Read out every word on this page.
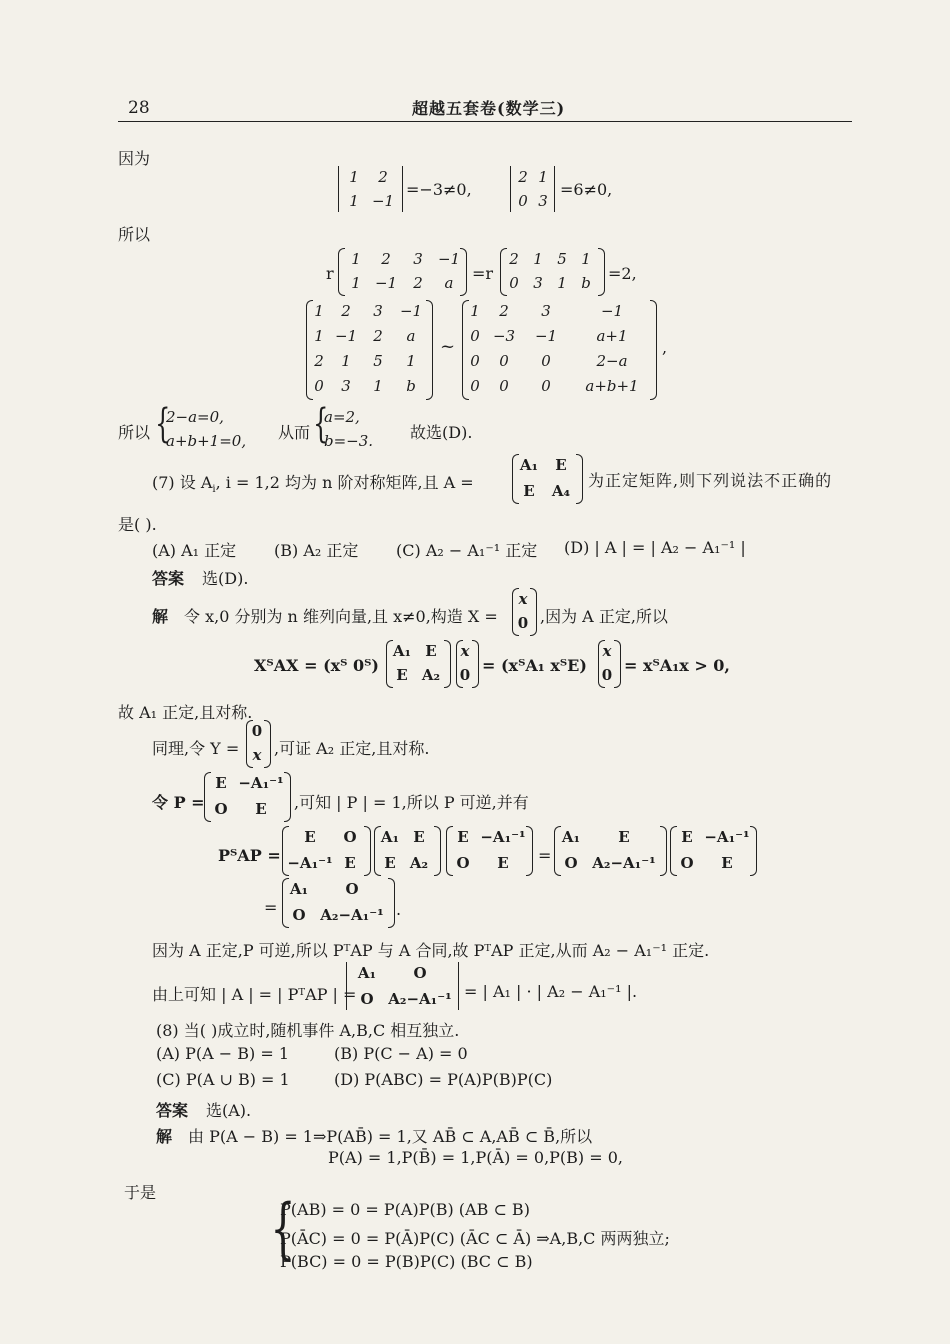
28	超越五套卷(数学三)
因为
1	2
1 −1
=−3≠0,
2 1
0 3
=6≠0,
所以
r
1	2	3	−1
1 −1	2	a	=r
2 1 5 1
0 3 1 b	=2,
1	2	3	−1
1 −1	2	a
2	1	5	1
0	3	1	b
~
1	2	3	−1
0 −3	−1	a+1
0	0	0	2−a
0	0	0	a+b+1
,
所以 {
2−a=0,
a+b+1=0, 从而 {
a=2,
b=−3. 故选(D).
(7) 设 $A_i$, i = 1,2 均为 n 阶对称矩阵,且 A =
A₁	E
E	A₄
为正定矩阵,则下列说法不正确的
是( ).
(A) A₁ 正定 (B) A₂ 正定 (C) A₂ − A₁⁻¹ 正定 (D) | A | = | A₂ − A₁⁻¹ |
答案 选(D).
解 令 x,0 分别为 n 维列向量,且 x≠0,构造 X =
x
0 ,因为 A 正定,所以
XᵀAX = (xᵀ 0ᵀ)
A₁ E
E A₂
x
0 = (xᵀA₁ xᵀE)
x
0 = xᵀA₁x > 0,
故 A₁ 正定,且对称.
同理,令 Y =
0
x ,可证 A₂ 正定,且对称.
令 P =
E −A₁⁻¹
O	E	,可知 | P | = 1,所以 P 可逆,并有
PᵀAP =
E	O
−A₁⁻¹ E
A₁ E
E A₂
E −A₁⁻¹
O	E	=
A₁	E
O A₂−A₁⁻¹
E −A₁⁻¹
O	E
=
A₁	O
O A₂−A₁⁻¹ .
因为 A 正定,P 可逆,所以 PᵀAP 与 A 合同,故 PᵀAP 正定,从而 A₂ − A₁⁻¹ 正定.
由上可知 | A | = | PᵀAP | =
A₁	O
O A₂−A₁⁻¹ = | A₁ | · | A₂ − A₁⁻¹ |.
(8) 当( )成立时,随机事件 A,B,C 相互独立.
(A) P(A − B) = 1	(B) P(C − A) = 0
(C) P(A ∪ B) = 1	(D) P(ABC) = P(A)P(B)P(C)
答案 选(A).
解 由 P(A − B) = 1⇒P(AB̄) = 1,又 AB̄ ⊂ A,AB̄ ⊂ B̄,所以
P(A) = 1,P(B̄) = 1,P(Ā) = 0,P(B) = 0,
于是 {
P(AB) = 0 = P(A)P(B) (AB ⊂ B)
P(ĀC) = 0 = P(Ā)P(C) (ĀC ⊂ Ā) ⇒A,B,C 两两独立;
P(BC) = 0 = P(B)P(C) (BC ⊂ B)
